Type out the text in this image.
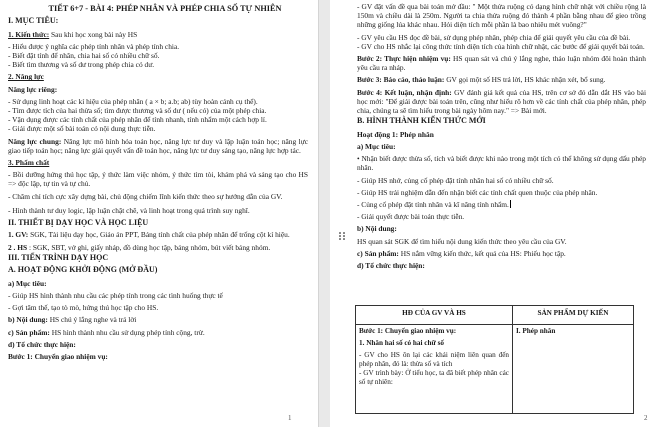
TIẾT 6+7 - BÀI 4: PHÉP NHÂN VÀ PHÉP CHIA SỐ TỰ NHIÊN

I. MỤC TIÊU:

1. Kiến thức: Sau khi học xong bài này HS

- Hiểu được ý nghĩa các phép tính nhân và phép tính chia.

- Biết đặt tính để nhân, chia hai số có nhiều chữ số.

- Biết tìm thương và số dư trong phép chia có dư.

2. Năng lực

Năng lực riêng:

- Sử dụng linh hoạt các kí hiệu của phép nhân ( a × b; a.b; ab) tùy hoàn cảnh cụ thể).

- Tìm được tích của hai thừa số; tìm được thương và số dư ( nếu có) của một phép chia.

- Vận dụng được các tính chất của phép nhân để tính nhanh, tính nhẩm một cách hợp lí.

- Giải được một số bài toán có nội dung thực tiễn.

Năng lực chung: Năng lực mô hình hóa toán học, năng lực tư duy và lập luận toán học; năng lực giao tiếp toán học; năng lực giải quyết vấn đề toán học, năng lực tư duy sáng tạo, năng lực hợp tác.

3. Phẩm chất

- Bồi dưỡng hứng thú học tập, ý thức làm việc nhóm, ý thức tìm tòi, khám phá và sáng tạo cho HS => độc lập, tự tin và tự chủ.

- Chăm chỉ tích cực xây dựng bài, chủ động chiếm lĩnh kiến thức theo sự hướng dẫn của GV.

- Hình thành tư duy logic, lập luận chặt chẽ, và linh hoạt trong quá trình suy nghĩ.

II. THIẾT BỊ DẠY HỌC VÀ HỌC LIỆU

1. GV: SGK, Tài liệu dạy học, Giáo án PPT, Bảng tính chất của phép nhân để trống cột kí hiệu.

2 . HS : SGK, SBT, vở ghi, giấy nháp, đồ dùng học tập, bảng nhóm, bút viết bảng nhóm.

III. TIẾN TRÌNH DẠY HỌC

A. HOẠT ĐỘNG KHỞI ĐỘNG (MỞ ĐẦU)

a) Mục tiêu:

- Giúp HS hình thành nhu cầu các phép tính trong các tình huống thực tế

- Gợi tâm thế, tạo tò mò, hứng thú học tập cho HS.

b) Nội dung: HS chú ý lắng nghe và trả lời

c) Sản phẩm: HS hình thành nhu cầu sử dụng phép tính cộng, trừ.

d) Tổ chức thực hiện:

Bước 1: Chuyển giao nhiệm vụ:

1

- GV đặt vấn đề qua bài toán mở đầu: " Một thửa ruộng có dạng hình chữ nhật với chiều rộng là 150m và chiều dài là 250m. Người ta chia thửa ruộng đó thành 4 phần bằng nhau để gieo trồng những giống lúa khác nhau. Hỏi diện tích mỗi phần là bao nhiêu mét vuông?"

- GV yêu cầu HS đọc đề bài, sử dụng phép nhân, phép chia để giải quyết yêu cầu của đề bài.

- GV cho HS nhắc lại công thức tính diện tích của hình chữ nhật, các bước để giải quyết bài toán.

Bước 2: Thực hiện nhiệm vụ: HS quan sát và chú ý lắng nghe, thảo luận nhóm đôi hoàn thành yêu cầu ra nháp.

Bước 3: Báo cáo, thảo luận: GV gọi một số HS trả lời, HS khác nhận xét, bổ sung.

Bước 4: Kết luận, nhận định: GV đánh giá kết quả của HS, trên cơ sở đó dẫn dắt HS vào bài học mới: "Để giải được bài toán trên, cũng như hiểu rõ hơn về các tính chất của phép nhân, phép chia, chúng ta sẽ tìm hiểu trong bài ngày hôm nay." => Bài mới.

B. HÌNH THÀNH KIẾN THỨC MỚI

Hoạt động 1: Phép nhân

a) Mục tiêu:

• Nhận biết được thừa số, tích và biết được khi nào trong một tích có thể không sử dụng dấu phép nhân.

- Giúp HS nhớ, củng cố phép đặt tính nhân hai số có nhiều chữ số.

- Giúp HS trải nghiệm dẫn đến nhận biết các tính chất quen thuộc của phép nhân.

- Củng cố phép đặt tính nhân và kĩ năng tính nhẩm.

- Giải quyết được bài toán thực tiễn.

b) Nội dung:

HS quan sát SGK để tìm hiểu nội dung kiến thức theo yêu cầu của GV.

c) Sản phẩm: HS nắm vững kiến thức, kết quả của HS: Phiếu học tập.

d) Tổ chức thực hiện:

HĐ CỦA GV VÀ HS	SẢN PHẨM DỰ KIẾN

Bước 1: Chuyển giao nhiệm vụ:

1. Nhân hai số có hai chữ số

- GV cho HS ôn lại các khái niệm liên quan đến phép nhân, đó là: thừa số và tích

- GV trình bày: Ở tiểu học, ta đã biết phép nhân các số tự nhiên:	I. Phép nhân

2
